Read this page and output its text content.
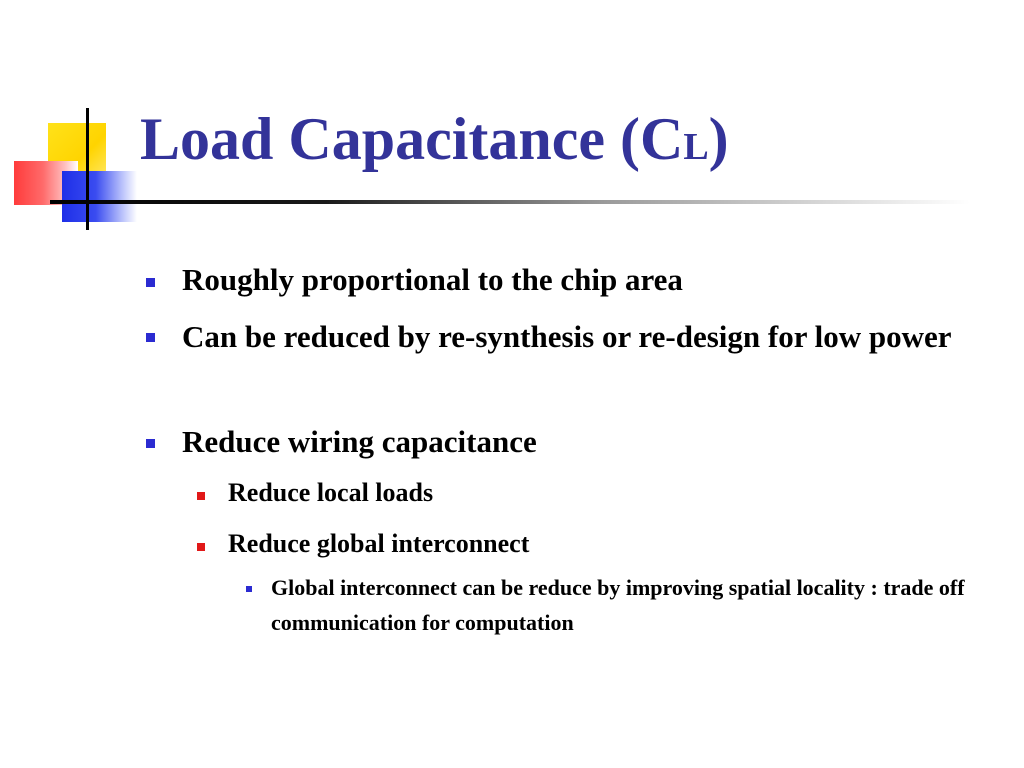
Load Capacitance (CL)
Roughly proportional to the chip area
Can be reduced by re-synthesis or re-design for low power
Reduce wiring capacitance
Reduce local loads
Reduce global interconnect
Global interconnect can be reduce by improving spatial locality : trade off communication for computation
